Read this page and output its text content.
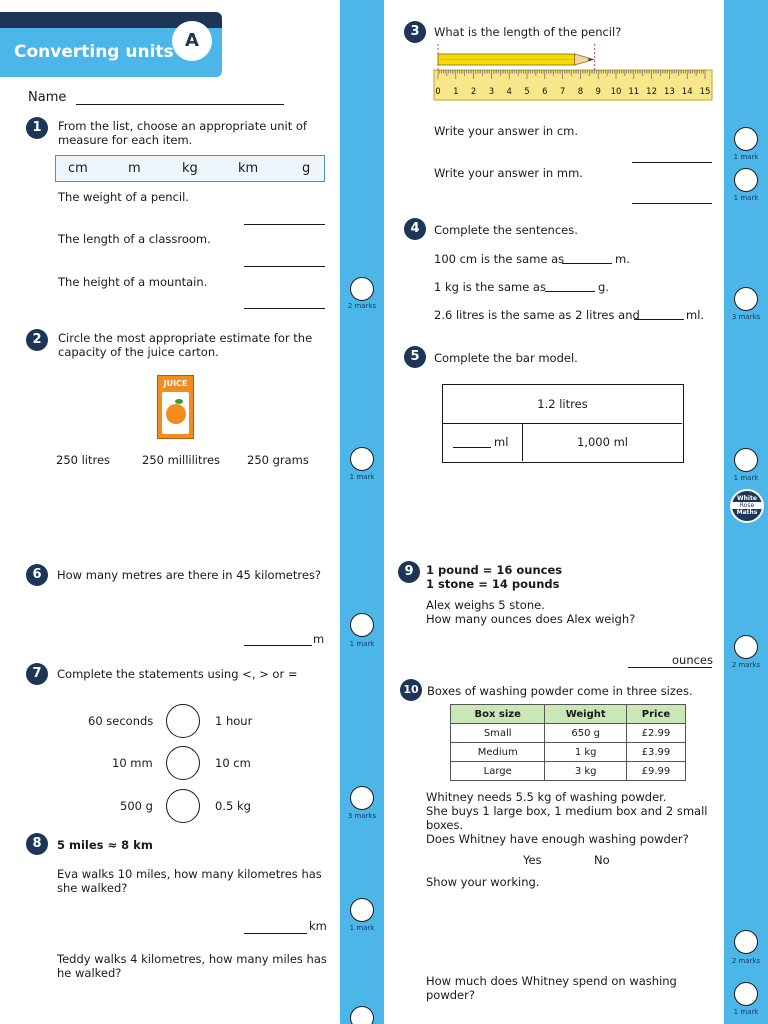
Converting units
A
Name
1	From the list, choose an appropriate unit of
measure for each item.
cm	m	kg	km	g
The weight of a pencil.
The length of a classroom.
The height of a mountain.
2 marks
2	Circle the most appropriate estimate for the
capacity of the juice carton.
JUICE
250 litres	250 millilitres 250 grams
1 mark
3	What is the length of the pencil?
0 1 2 3 4 5 6 7 8 9 10 11 12 13 14 15
Write your answer in cm.
Write your answer in mm.
1 mark
1 mark
4	Complete the sentences.
100 cm is the same as	m.
1 kg is the same as	g.
2.6 litres is the same as 2 litres and	ml.	3 marks
5	Complete the bar model.
1.2 litres
ml	1,000 ml
1 mark
White
Rose
Maths
6	How many metres are there in 45 kilometres?
m	1 mark
7	Complete the statements using <, > or =
60 seconds	1 hour
10 mm	10 cm
500 g	0.5 kg
3 marks
8	5 miles ≈ 8 km
Eva walks 10 miles, how many kilometres has
she walked?
km
Teddy walks 4 kilometres, how many miles has
he walked?
1 mark
9	1 pound = 16 ounces
1 stone = 14 pounds
Alex weighs 5 stone.
How many ounces does Alex weigh?
ounces	2 marks
10 Boxes of washing powder come in three sizes.
Box size	Weight	Price
Small	650 g	£2.99
Medium	1 kg	£3.99
Large	3 kg	£9.99
Whitney needs 5.5 kg of washing powder.
She buys 1 large box, 1 medium box and 2 small
boxes.
Does Whitney have enough washing powder?
Yes	No
Show your working.
How much does Whitney spend on washing
powder?
2 marks
1 mark
